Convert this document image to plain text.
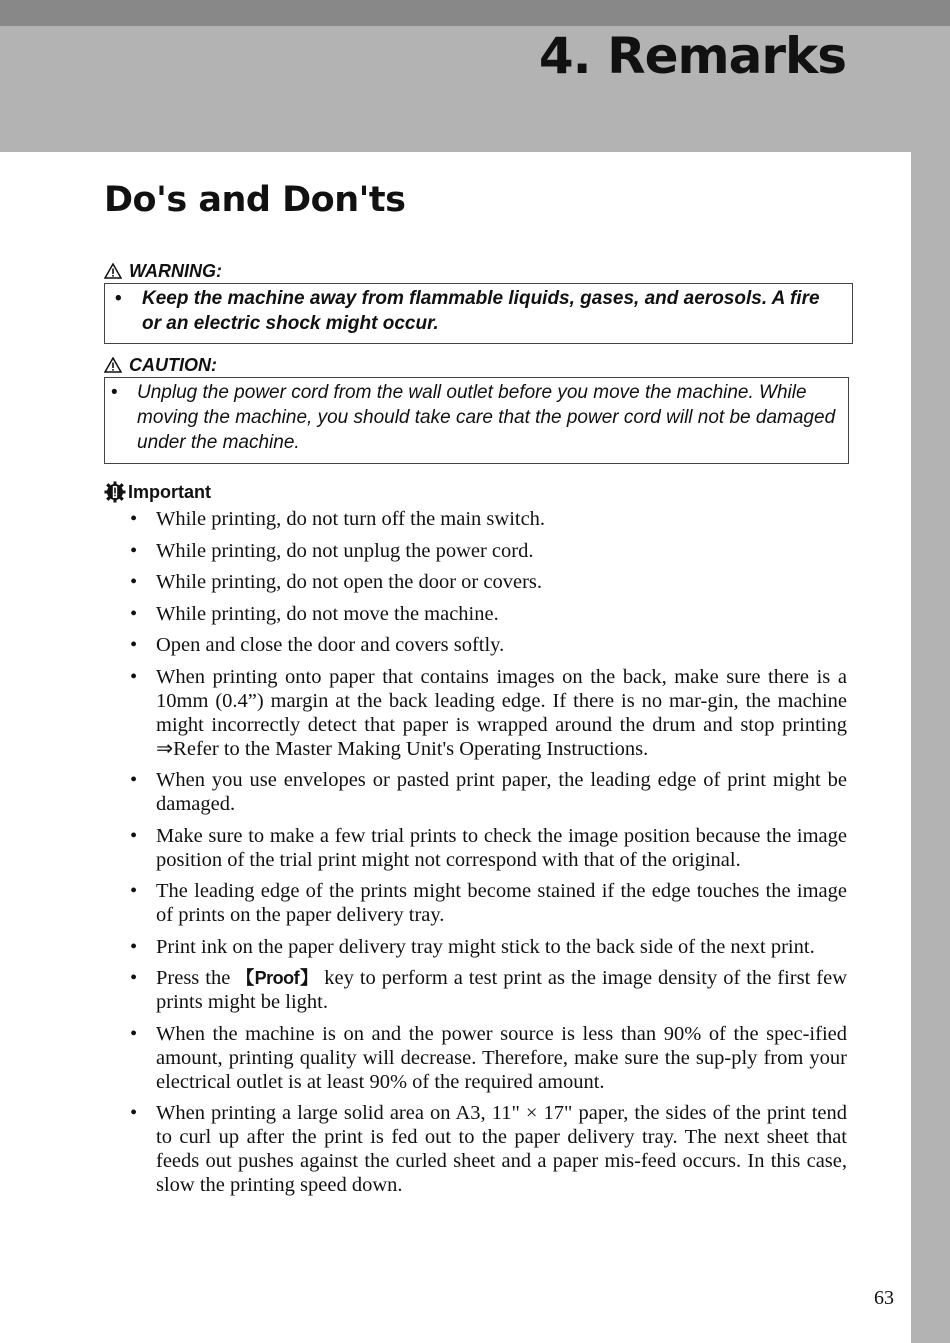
4. Remarks
Do's and Don'ts
WARNING:
• Keep the machine away from flammable liquids, gases, and aerosols. A fire or an electric shock might occur.
CAUTION:
• Unplug the power cord from the wall outlet before you move the machine. While moving the machine, you should take care that the power cord will not be damaged under the machine.
Important
• While printing, do not turn off the main switch.
• While printing, do not unplug the power cord.
• While printing, do not open the door or covers.
• While printing, do not move the machine.
• Open and close the door and covers softly.
• When printing onto paper that contains images on the back, make sure there is a 10mm (0.4”) margin at the back leading edge. If there is no mar-gin, the machine might incorrectly detect that paper is wrapped around the drum and stop printing ⇒Refer to the Master Making Unit's Operating Instructions.
• When you use envelopes or pasted print paper, the leading edge of print might be damaged.
• Make sure to make a few trial prints to check the image position because the image position of the trial print might not correspond with that of the original.
• The leading edge of the prints might become stained if the edge touches the image of prints on the paper delivery tray.
• Print ink on the paper delivery tray might stick to the back side of the next print.
• Press the 【Proof】 key to perform a test print as the image density of the first few prints might be light.
• When the machine is on and the power source is less than 90% of the spec-ified amount, printing quality will decrease. Therefore, make sure the sup-ply from your electrical outlet is at least 90% of the required amount.
• When printing a large solid area on A3, 11" × 17" paper, the sides of the print tend to curl up after the print is fed out to the paper delivery tray. The next sheet that feeds out pushes against the curled sheet and a paper mis-feed occurs. In this case, slow the printing speed down.
63
